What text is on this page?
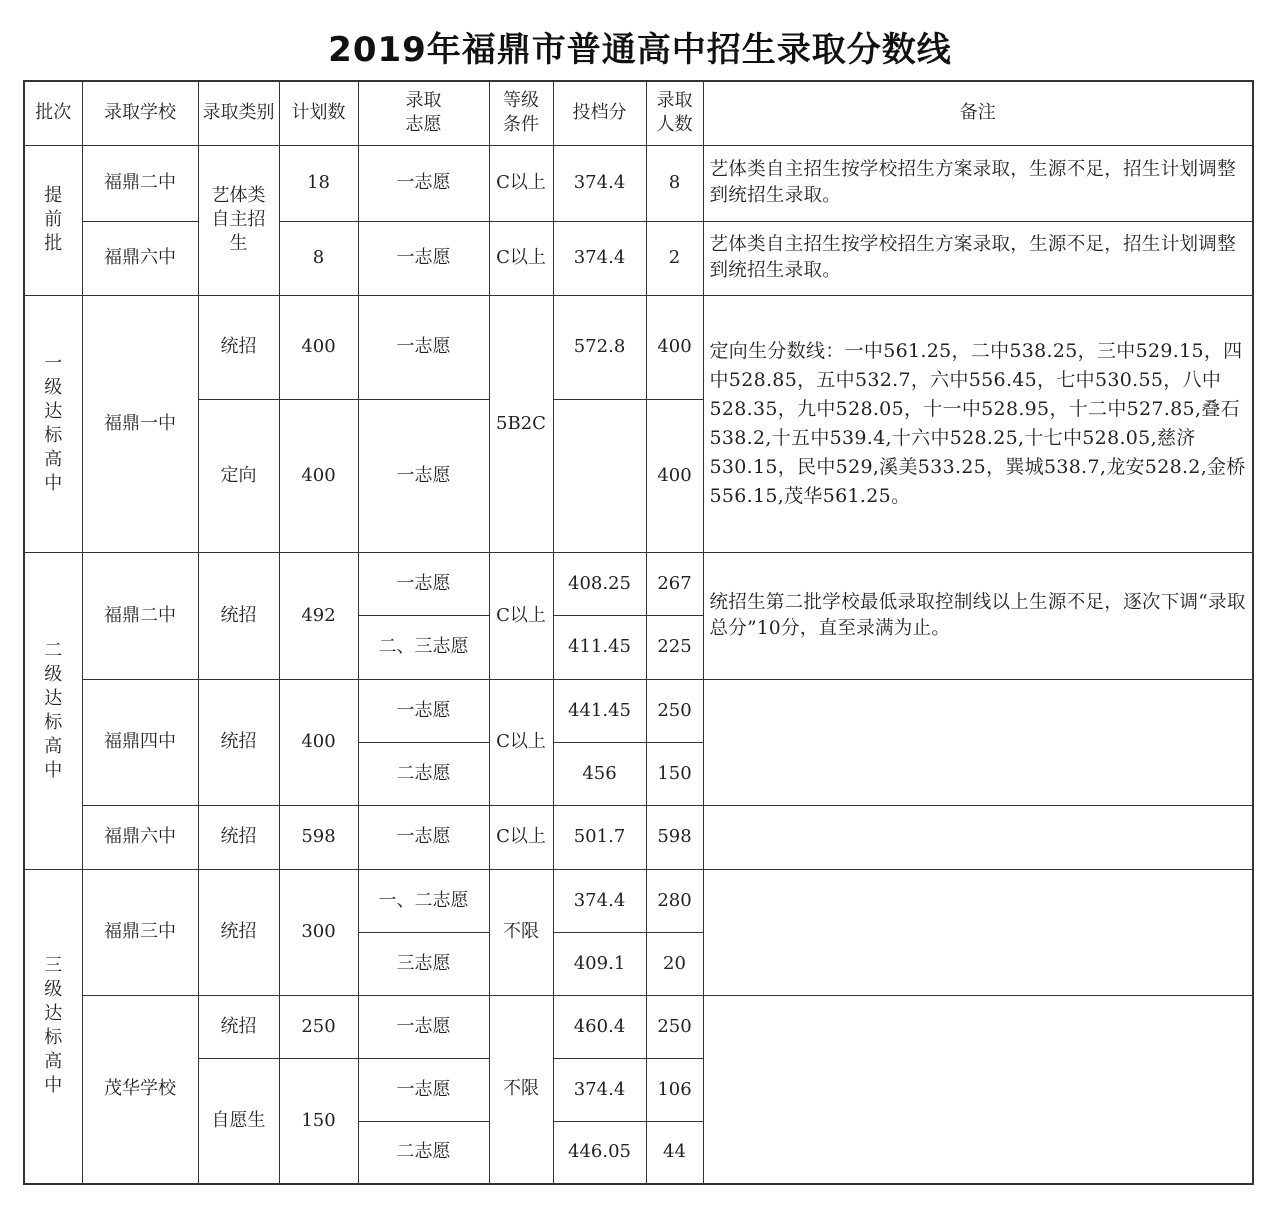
2019年福鼎市普通高中招生录取分数线
批次	录取学校	录取类别	计划数	录取志愿	等级条件	投档分	录取人数	备注
提前批	福鼎二中	艺体类自主招生	18	一志愿	C以上	374.4	8	艺体类自主招生按学校招生方案录取，生源不足，招生计划调整到统招生录取。
	福鼎六中		8	一志愿	C以上	374.4	2	艺体类自主招生按学校招生方案录取，生源不足，招生计划调整到统招生录取。
一级达标高中	福鼎一中	统招	400	一志愿	5B2C	572.8	400	定向生分数线：一中561.25，二中538.25，三中529.15，四中528.85，五中532.7，六中556.45，七中530.55，八中528.35，九中528.05，十一中528.95，十二中527.85,叠石538.2,十五中539.4,十六中528.25,十七中528.05,慈济530.15，民中529,溪美533.25，巽城538.7,龙安528.2,金桥556.15,茂华561.25。
		定向	400	一志愿			400	
二级达标高中	福鼎二中	统招	492	一志愿	C以上	408.25	267	统招生第二批学校最低录取控制线以上生源不足，逐次下调“录取总分”10分，直至录满为止。
				二、三志愿		411.45	225	
	福鼎四中	统招	400	一志愿	C以上	441.45	250	
				二志愿		456	150	
	福鼎六中	统招	598	一志愿	C以上	501.7	598	
三级达标高中	福鼎三中	统招	300	一、二志愿	不限	374.4	280	
				三志愿		409.1	20	
	茂华学校	统招	250	一志愿	不限	460.4	250	
		自愿生	150	一志愿		374.4	106	
				二志愿		446.05	44	
